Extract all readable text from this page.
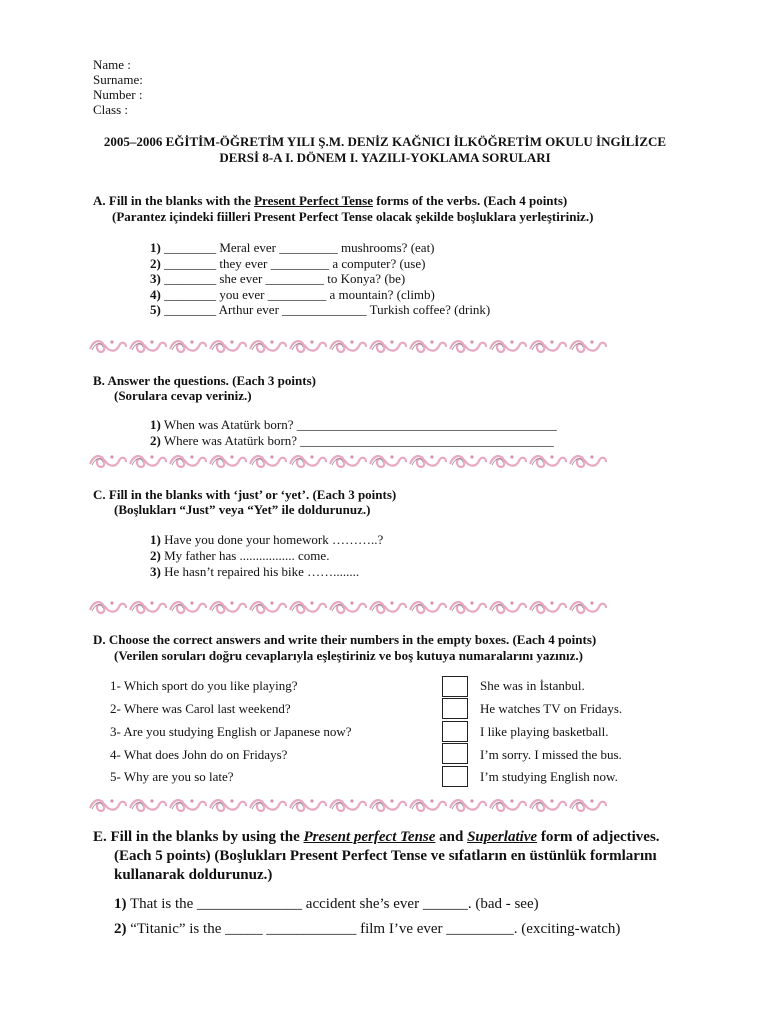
Name :
Surname:
Number :
Class :
2005–2006 EĞİTİM-ÖĞRETİM YILI Ş.M. DENİZ KAĞNICI İLKÖĞRETİM OKULU İNGİLİZCE
DERSİ 8-A I. DÖNEM I. YAZILI-YOKLAMA SORULARI
A. Fill in the blanks with the Present Perfect Tense forms of the verbs. (Each 4 points)
(Parantez içindeki fiilleri Present Perfect Tense olacak şekilde boşluklara yerleştiriniz.)
1) ________ Meral ever _________ mushrooms? (eat)
2) ________ they ever _________ a computer? (use)
3) ________ she ever _________ to Konya? (be)
4) ________ you ever _________ a mountain? (climb)
5) ________ Arthur ever _____________ Turkish coffee? (drink)
B. Answer the questions. (Each 3 points)
(Sorulara cevap veriniz.)
1) When was Atatürk born? ________________________________________
2) Where was Atatürk born? _______________________________________
C. Fill in the blanks with ‘just’ or ‘yet’. (Each 3 points)
(Boşlukları “Just” veya “Yet” ile doldurunuz.)
1) Have you done your homework ………..?
2) My father has ................. come.
3) He hasn’t repaired his bike ……........
D. Choose the correct answers and write their numbers in the empty boxes. (Each 4 points)
(Verilen soruları doğru cevaplarıyla eşleştiriniz ve boş kutuya numaralarını yazınız.)
1- Which sport do you like playing?
2- Where was Carol last weekend?
3- Are you studying English or Japanese now?
4- What does John do on Fridays?
5- Why are you so late?
She was in İstanbul.
He watches TV on Fridays.
I like playing basketball.
I’m sorry. I missed the bus.
I’m studying English now.
E. Fill in the blanks by using the Present perfect Tense and Superlative form of adjectives.
(Each 5 points) (Boşlukları Present Perfect Tense ve sıfatların en üstünlük formlarını
kullanarak doldurunuz.)
1) That is the ______________ accident she’s ever ______. (bad - see)
2) “Titanic” is the _____ ____________ film I’ve ever _________. (exciting-watch)
